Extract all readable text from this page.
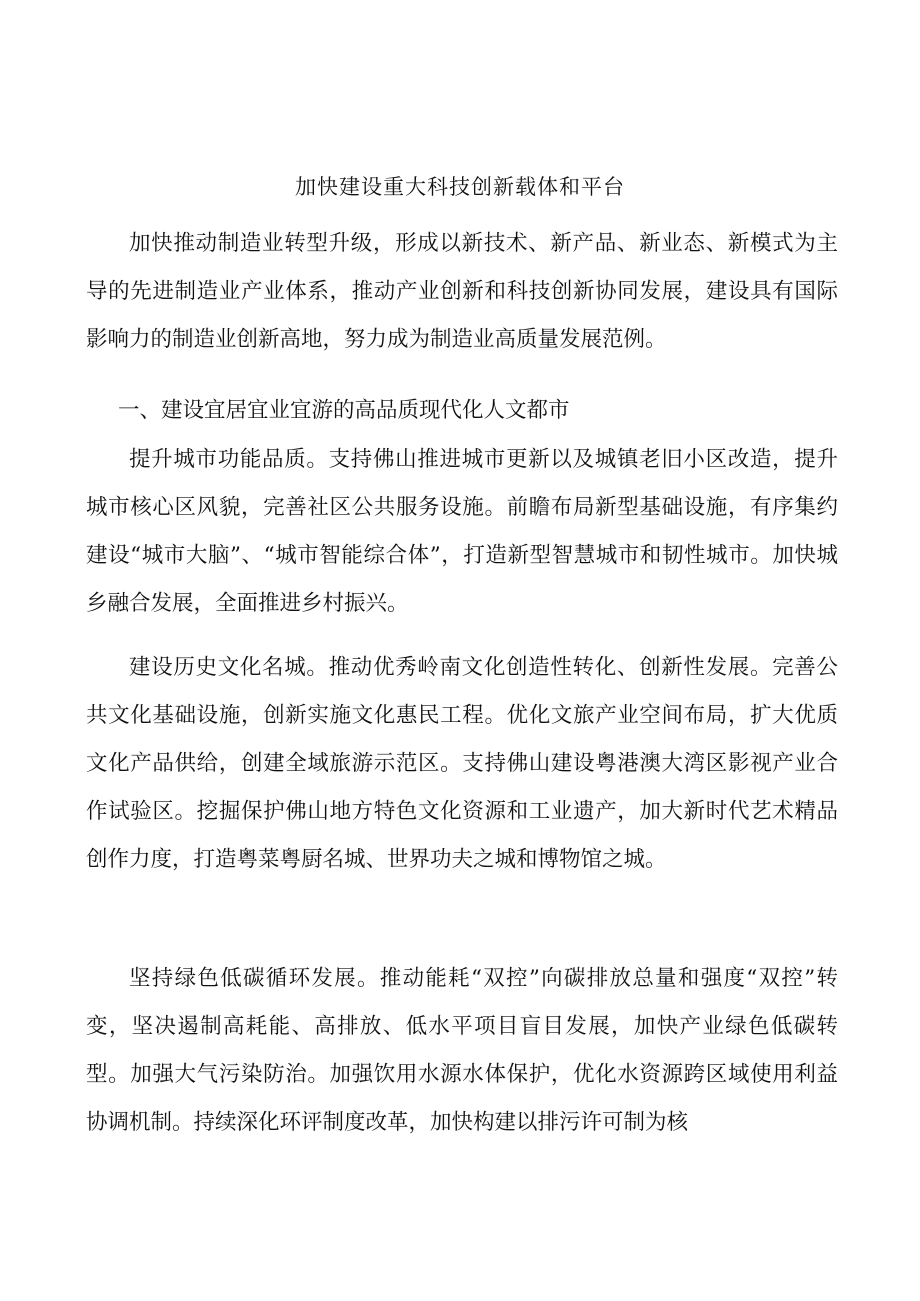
加快建设重大科技创新载体和平台
加快推动制造业转型升级，形成以新技术、新产品、新业态、新模式为主导的先进制造业产业体系，推动产业创新和科技创新协同发展，建设具有国际影响力的制造业创新高地，努力成为制造业高质量发展范例。
一、建设宜居宜业宜游的高品质现代化人文都市
提升城市功能品质。支持佛山推进城市更新以及城镇老旧小区改造，提升城市核心区风貌，完善社区公共服务设施。前瞻布局新型基础设施，有序集约建设“城市大脑”、“城市智能综合体”，打造新型智慧城市和韧性城市。加快城乡融合发展，全面推进乡村振兴。
建设历史文化名城。推动优秀岭南文化创造性转化、创新性发展。完善公共文化基础设施，创新实施文化惠民工程。优化文旅产业空间布局，扩大优质文化产品供给，创建全域旅游示范区。支持佛山建设粤港澳大湾区影视产业合作试验区。挖掘保护佛山地方特色文化资源和工业遗产，加大新时代艺术精品创作力度，打造粤菜粤厨名城、世界功夫之城和博物馆之城。
坚持绿色低碳循环发展。推动能耗“双控”向碳排放总量和强度“双控”转变，坚决遏制高耗能、高排放、低水平项目盲目发展，加快产业绿色低碳转型。加强大气污染防治。加强饮用水源水体保护，优化水资源跨区域使用利益协调机制。持续深化环评制度改革，加快构建以排污许可制为核
